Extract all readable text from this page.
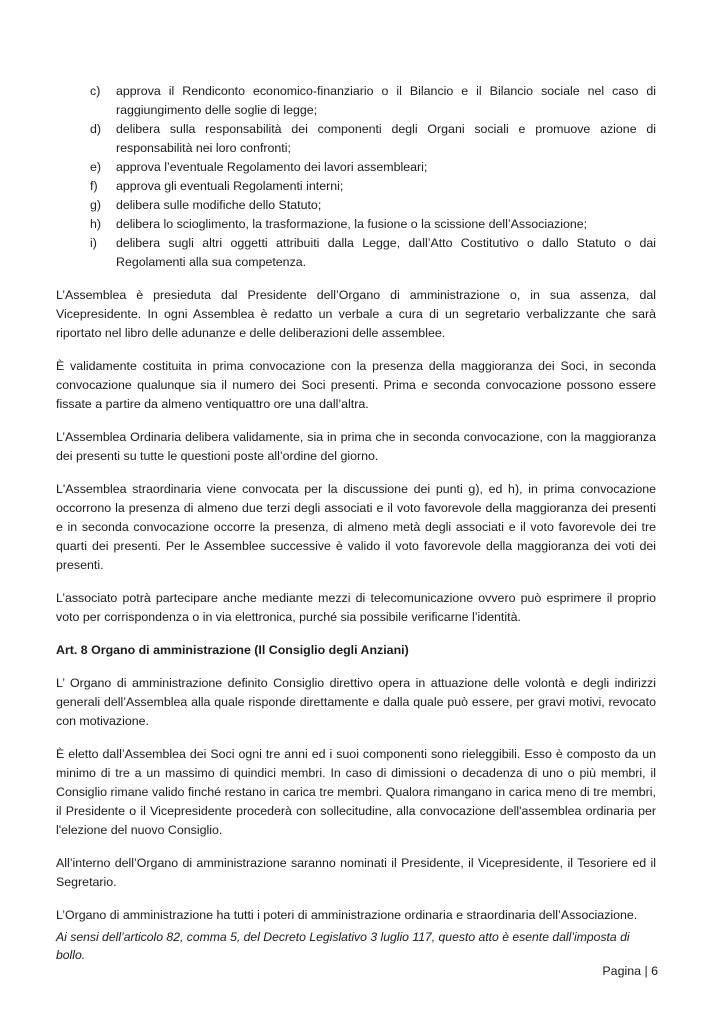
c) approva il Rendiconto economico-finanziario o il Bilancio e il Bilancio sociale nel caso di raggiungimento delle soglie di legge;
d) delibera sulla responsabilità dei componenti degli Organi sociali e promuove azione di responsabilità nei loro confronti;
e) approva l’eventuale Regolamento dei lavori assembleari;
f) approva gli eventuali Regolamenti interni;
g) delibera sulle modifiche dello Statuto;
h) delibera lo scioglimento, la trasformazione, la fusione o la scissione dell’Associazione;
i) delibera sugli altri oggetti attribuiti dalla Legge, dall’Atto Costitutivo o dallo Statuto o dai Regolamenti alla sua competenza.

L’Assemblea è presieduta dal Presidente dell’Organo di amministrazione o, in sua assenza, dal Vicepresidente. In ogni Assemblea è redatto un verbale a cura di un segretario verbalizzante che sarà riportato nel libro delle adunanze e delle deliberazioni delle assemblee.

È validamente costituita in prima convocazione con la presenza della maggioranza dei Soci, in seconda convocazione qualunque sia il numero dei Soci presenti. Prima e seconda convocazione possono essere fissate a partire da almeno ventiquattro ore una dall’altra.

L’Assemblea Ordinaria delibera validamente, sia in prima che in seconda convocazione, con la maggioranza dei presenti su tutte le questioni poste all’ordine del giorno.

L'Assemblea straordinaria viene convocata per la discussione dei punti g), ed h), in prima convocazione occorrono la presenza di almeno due terzi degli associati e il voto favorevole della maggioranza dei presenti e in seconda convocazione occorre la presenza, di almeno metà degli associati e il voto favorevole dei tre quarti dei presenti. Per le Assemblee successive è valido il voto favorevole della maggioranza dei voti dei presenti.

L’associato potrà partecipare anche mediante mezzi di telecomunicazione ovvero può esprimere il proprio voto per corrispondenza o in via elettronica, purché sia possibile verificarne l’identità.

Art. 8 Organo di amministrazione (Il Consiglio degli Anziani)

L’ Organo di amministrazione definito Consiglio direttivo opera in attuazione delle volontà e degli indirizzi generali dell’Assemblea alla quale risponde direttamente e dalla quale può essere, per gravi motivi, revocato con motivazione.

È eletto dall’Assemblea dei Soci ogni tre anni ed i suoi componenti sono rieleggibili. Esso è composto da un minimo di tre a un massimo di quindici membri. In caso di dimissioni o decadenza di uno o più membri, il Consiglio rimane valido finché restano in carica tre membri. Qualora rimangano in carica meno di tre membri, il Presidente o il Vicepresidente procederà con sollecitudine, alla convocazione dell'assemblea ordinaria per l'elezione del nuovo Consiglio.

All’interno dell’Organo di amministrazione saranno nominati il Presidente, il Vicepresidente, il Tesoriere ed il Segretario.

L’Organo di amministrazione ha tutti i poteri di amministrazione ordinaria e straordinaria dell’Associazione.

Ai sensi dell’articolo 82, comma 5, del Decreto Legislativo 3 luglio 117, questo atto è esente dall’imposta di bollo.
Pagina | 6
